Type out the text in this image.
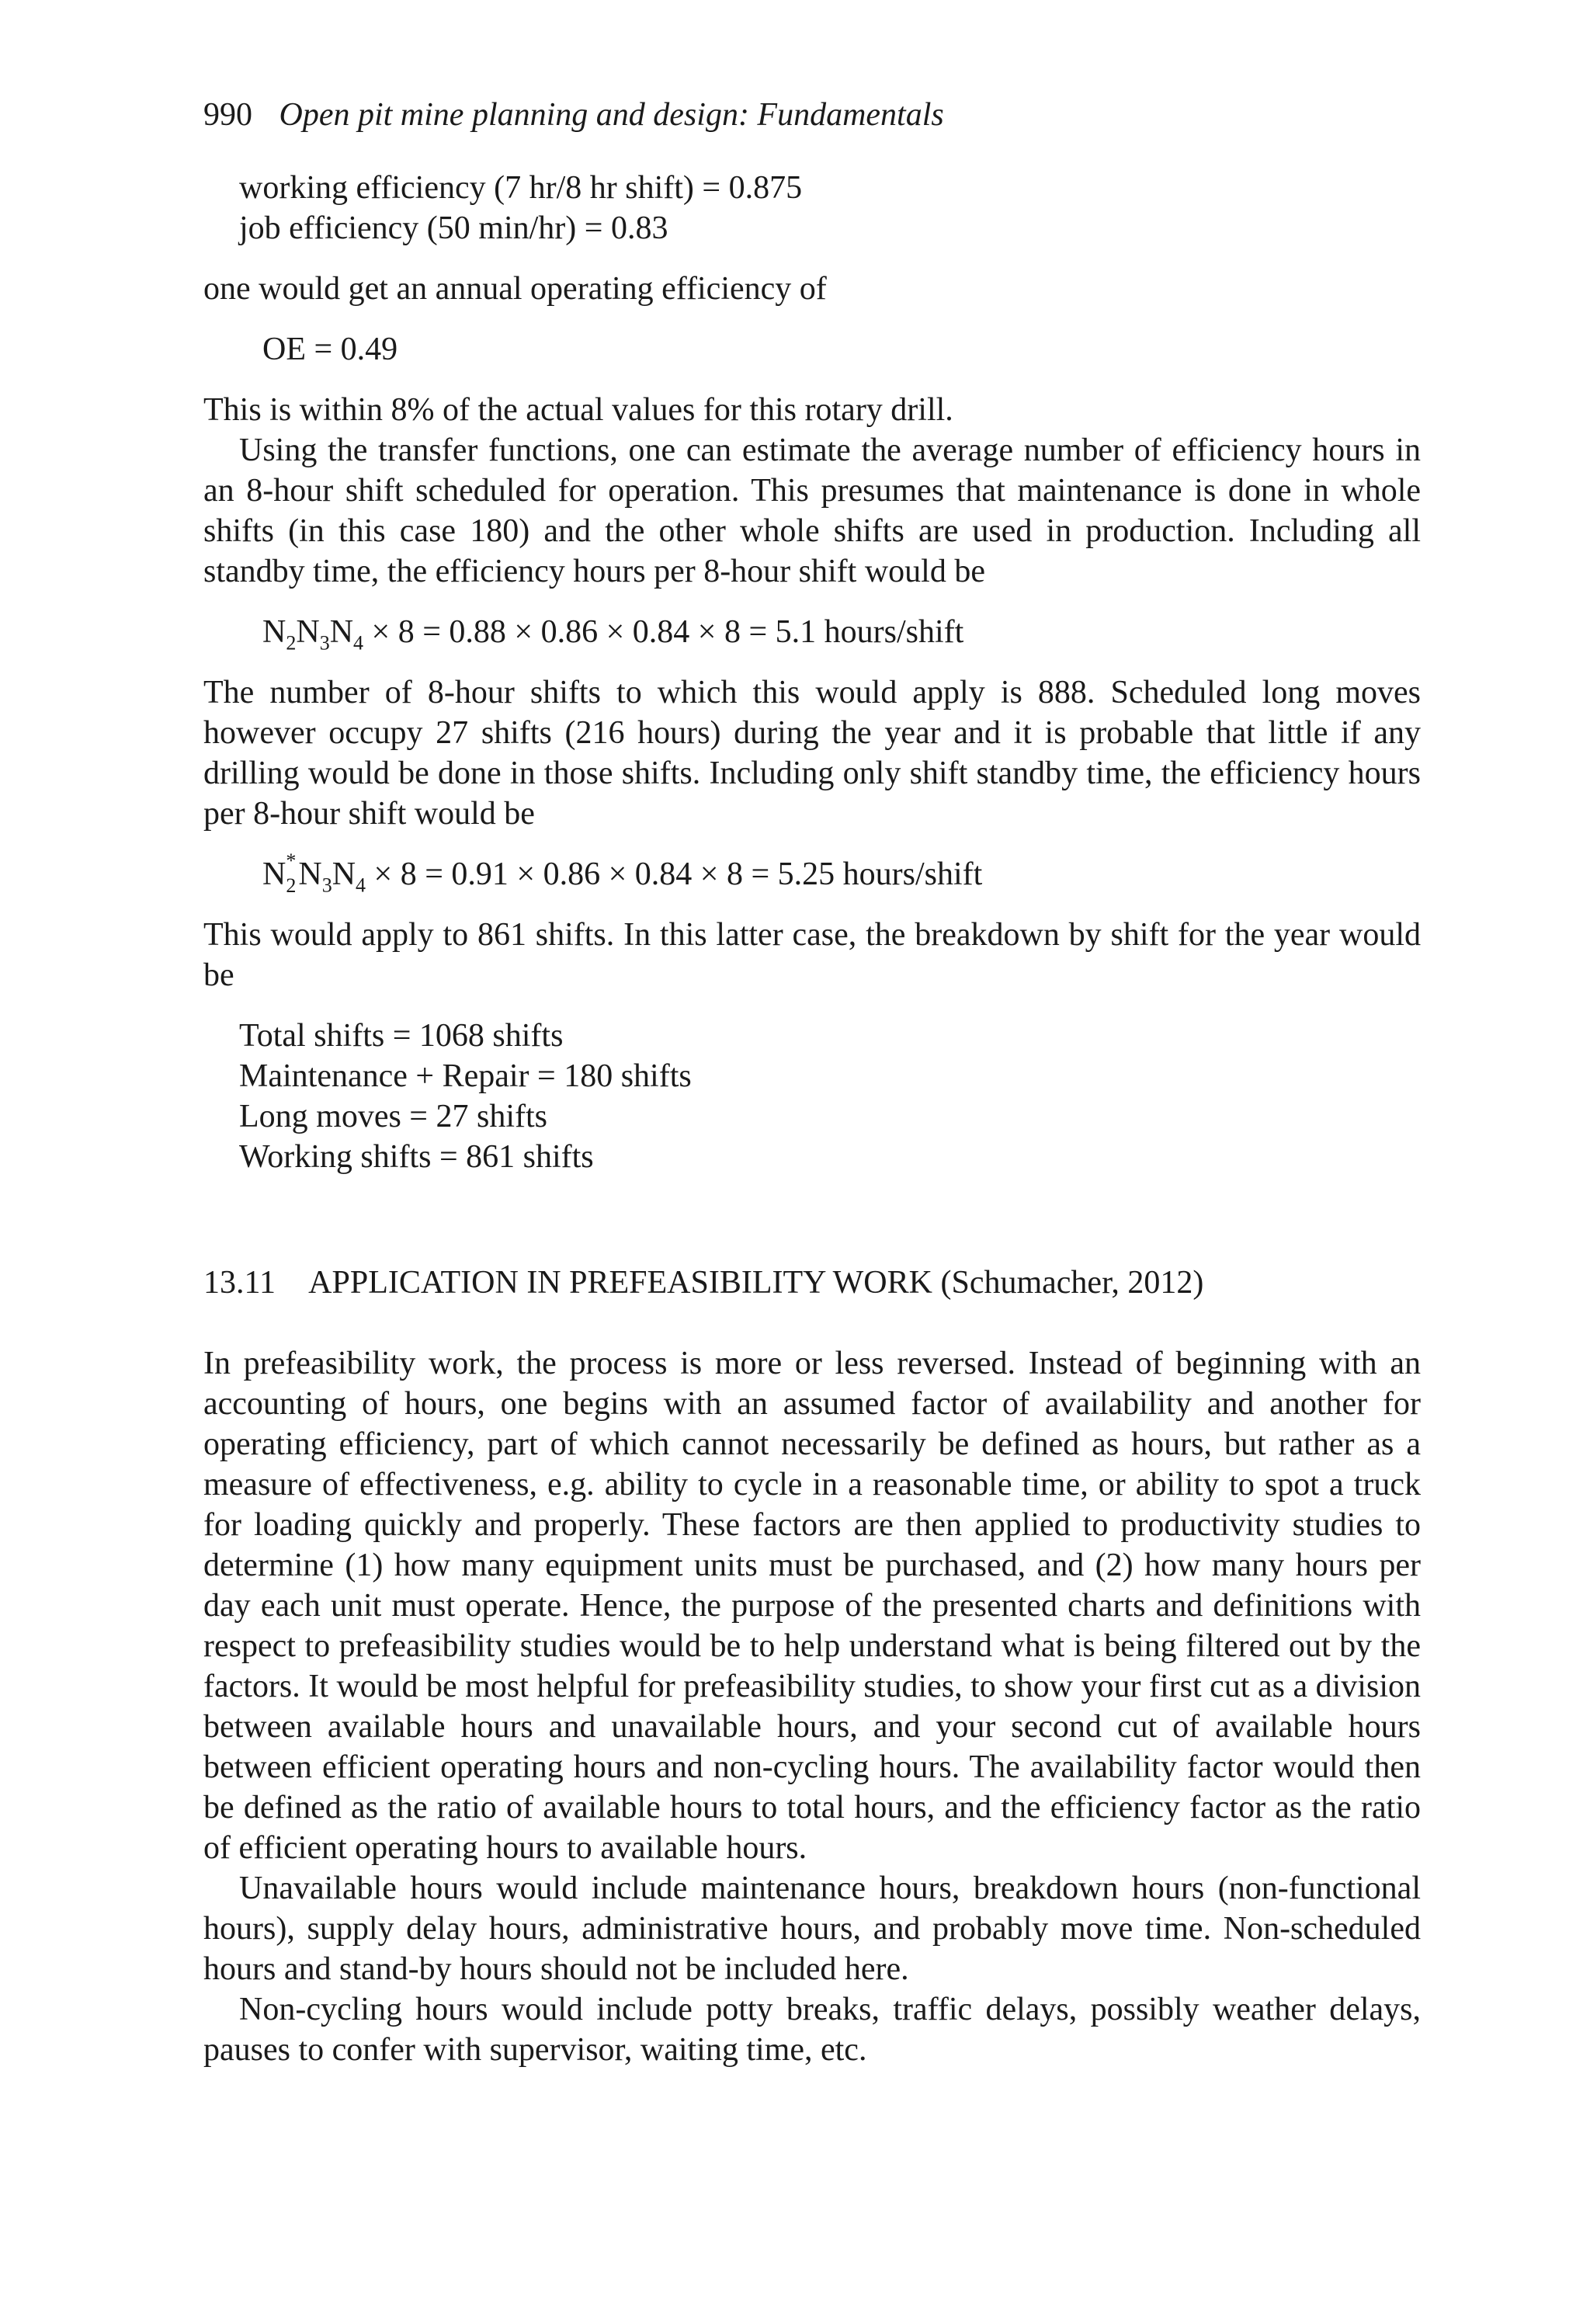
990 Open pit mine planning and design: Fundamentals
working efficiency (7 hr/8 hr shift) = 0.875
job efficiency (50 min/hr) = 0.83

one would get an annual operating efficiency of

OE = 0.49

This is within 8% of the actual values for this rotary drill.

Using the transfer functions, one can estimate the average number of efficiency hours in an 8-hour shift scheduled for operation. This presumes that maintenance is done in whole shifts (in this case 180) and the other whole shifts are used in production. Including all standby time, the efficiency hours per 8-hour shift would be

$N_2N_3N_4 \times 8 = 0.88 \times 0.86 \times 0.84 \times 8 = 5.1$ hours/shift

The number of 8-hour shifts to which this would apply is 888. Scheduled long moves however occupy 27 shifts (216 hours) during the year and it is probable that little if any drilling would be done in those shifts. Including only shift standby time, the efficiency hours per 8-hour shift would be

N *
2 $N_3N_4 \times 8 = 0.91 \times 0.86 \times 0.84 \times 8 = 5.25$ hours/shift

This would apply to 861 shifts. In this latter case, the breakdown by shift for the year would be

Total shifts = 1068 shifts
Maintenance + Repair = 180 shifts
Long moves = 27 shifts
Working shifts = 861 shifts
13.11 APPLICATION IN PREFEASIBILITY WORK (Schumacher, 2012)

In prefeasibility work, the process is more or less reversed. Instead of beginning with an accounting of hours, one begins with an assumed factor of availability and another for operating efficiency, part of which cannot necessarily be defined as hours, but rather as a measure of effectiveness, e.g. ability to cycle in a reasonable time, or ability to spot a truck for loading quickly and properly. These factors are then applied to productivity studies to determine (1) how many equipment units must be purchased, and (2) how many hours per day each unit must operate. Hence, the purpose of the presented charts and definitions with respect to prefeasibility studies would be to help understand what is being filtered out by the factors. It would be most helpful for prefeasibility studies, to show your first cut as a division between available hours and unavailable hours, and your second cut of available hours between efficient operating hours and non-cycling hours. The availability factor would then be defined as the ratio of available hours to total hours, and the efficiency factor as the ratio of efficient operating hours to available hours.

Unavailable hours would include maintenance hours, breakdown hours (non-functional hours), supply delay hours, administrative hours, and probably move time. Non-scheduled hours and stand-by hours should not be included here.

Non-cycling hours would include potty breaks, traffic delays, possibly weather delays, pauses to confer with supervisor, waiting time, etc.
